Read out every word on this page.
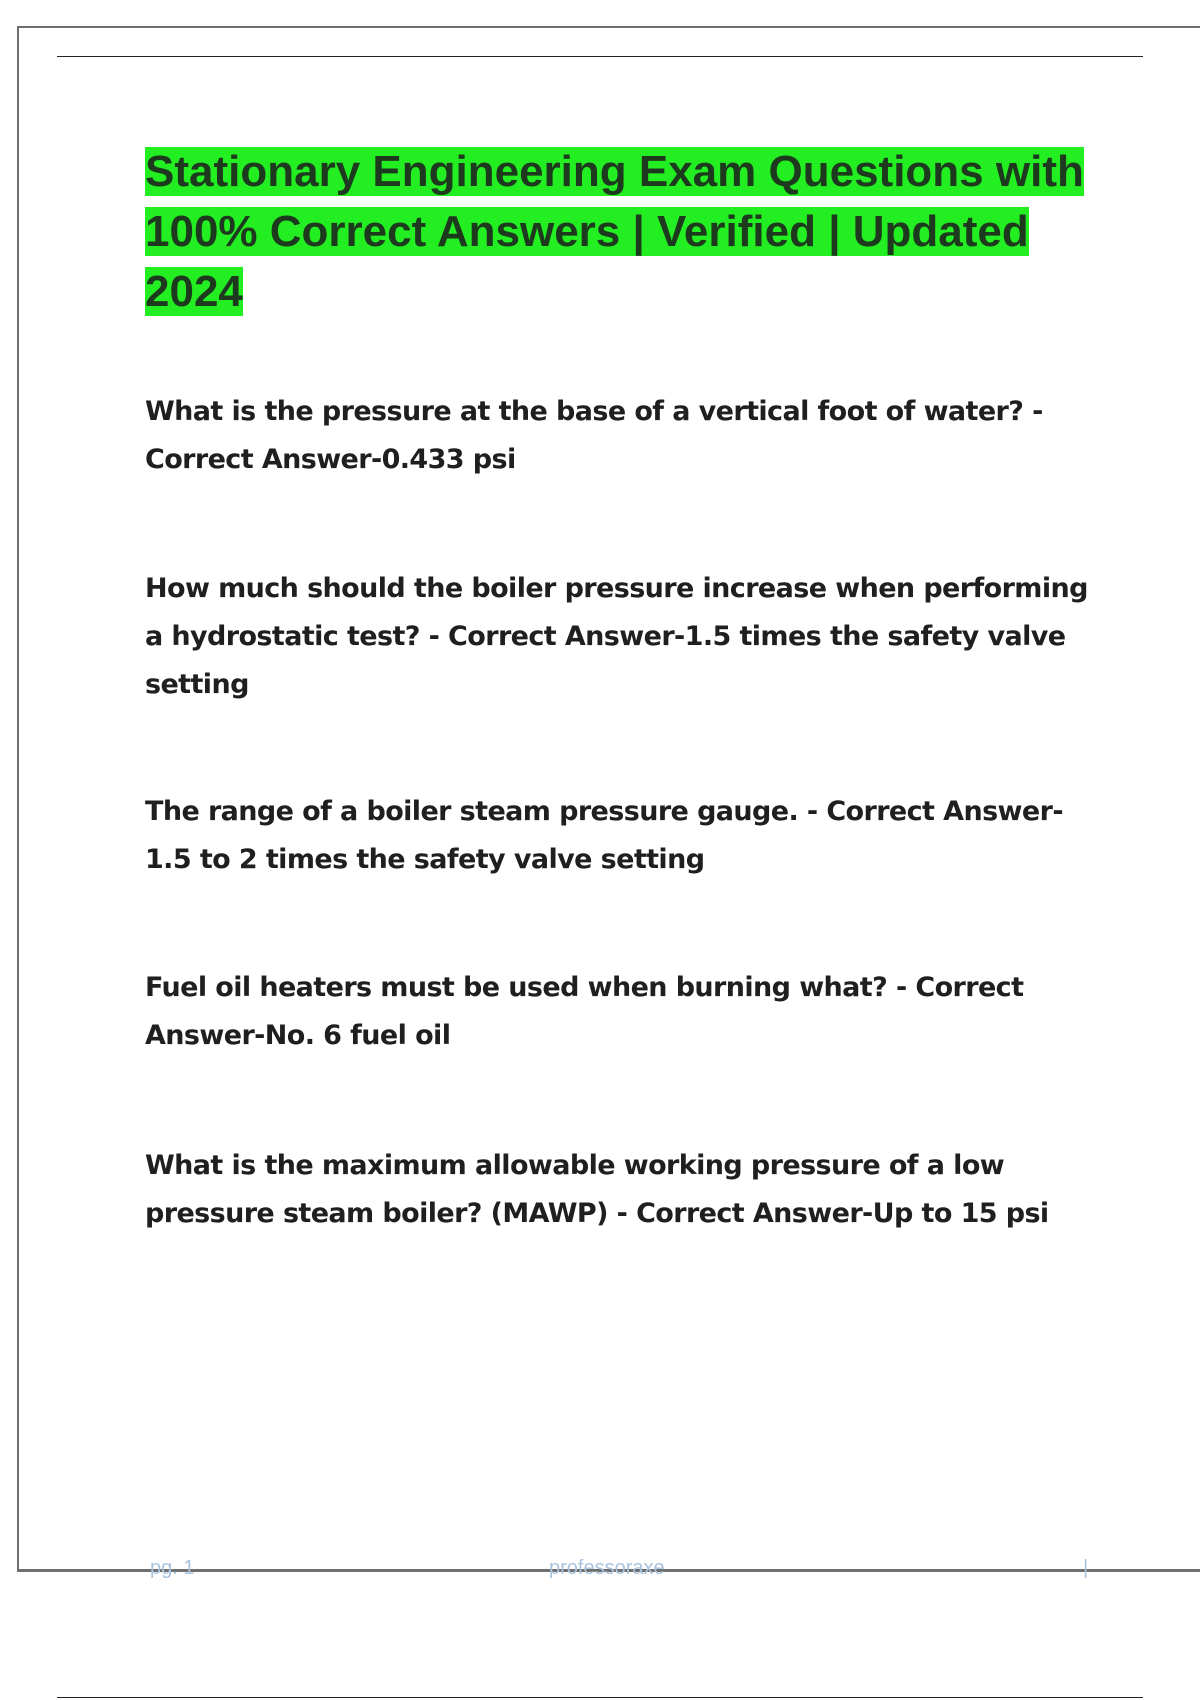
Stationary Engineering Exam Questions with 100% Correct Answers | Verified | Updated 2024

What is the pressure at the base of a vertical foot of water? - Correct Answer-0.433 psi

How much should the boiler pressure increase when performing a hydrostatic test? - Correct Answer-1.5 times the safety valve setting

The range of a boiler steam pressure gauge. - Correct Answer-1.5 to 2 times the safety valve setting

Fuel oil heaters must be used when burning what? - Correct Answer-No. 6 fuel oil

What is the maximum allowable working pressure of a low pressure steam boiler? (MAWP) - Correct Answer-Up to 15 psi

pg. 1	professoraxe	|
